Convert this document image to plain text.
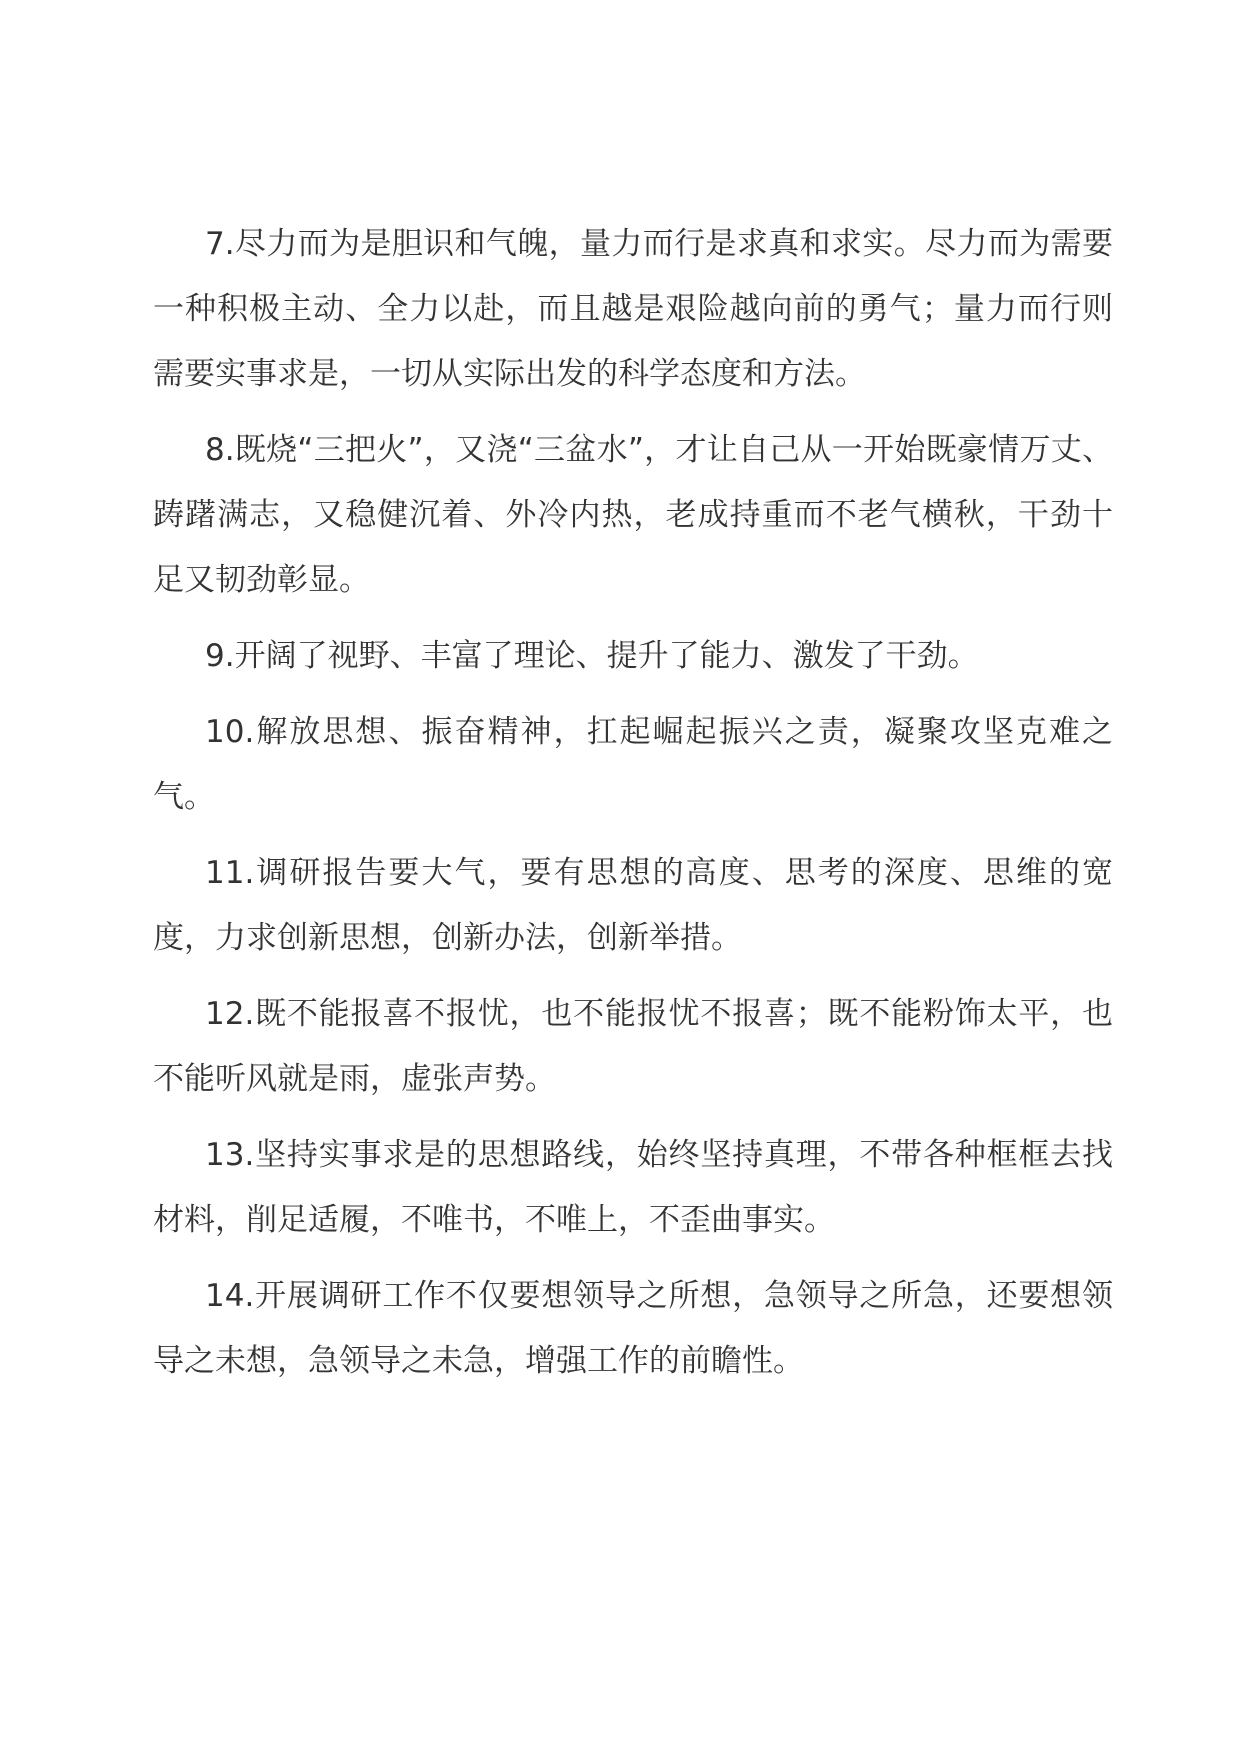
7.尽力而为是胆识和气魄，量力而行是求真和求实。尽力而为需要一种积极主动、全力以赴，而且越是艰险越向前的勇气；量力而行则需要实事求是，一切从实际出发的科学态度和方法。

8.既烧“三把火”，又浇“三盆水”，才让自己从一开始既豪情万丈、踌躇满志，又稳健沉着、外冷内热，老成持重而不老气横秋，干劲十足又韧劲彰显。

9.开阔了视野、丰富了理论、提升了能力、激发了干劲。

10.解放思想、振奋精神，扛起崛起振兴之责，凝聚攻坚克难之气。

11.调研报告要大气，要有思想的高度、思考的深度、思维的宽度，力求创新思想，创新办法，创新举措。

12.既不能报喜不报忧，也不能报忧不报喜；既不能粉饰太平，也不能听风就是雨，虚张声势。

13.坚持实事求是的思想路线，始终坚持真理，不带各种框框去找材料，削足适履，不唯书，不唯上，不歪曲事实。

14.开展调研工作不仅要想领导之所想，急领导之所急，还要想领导之未想，急领导之未急，增强工作的前瞻性。
